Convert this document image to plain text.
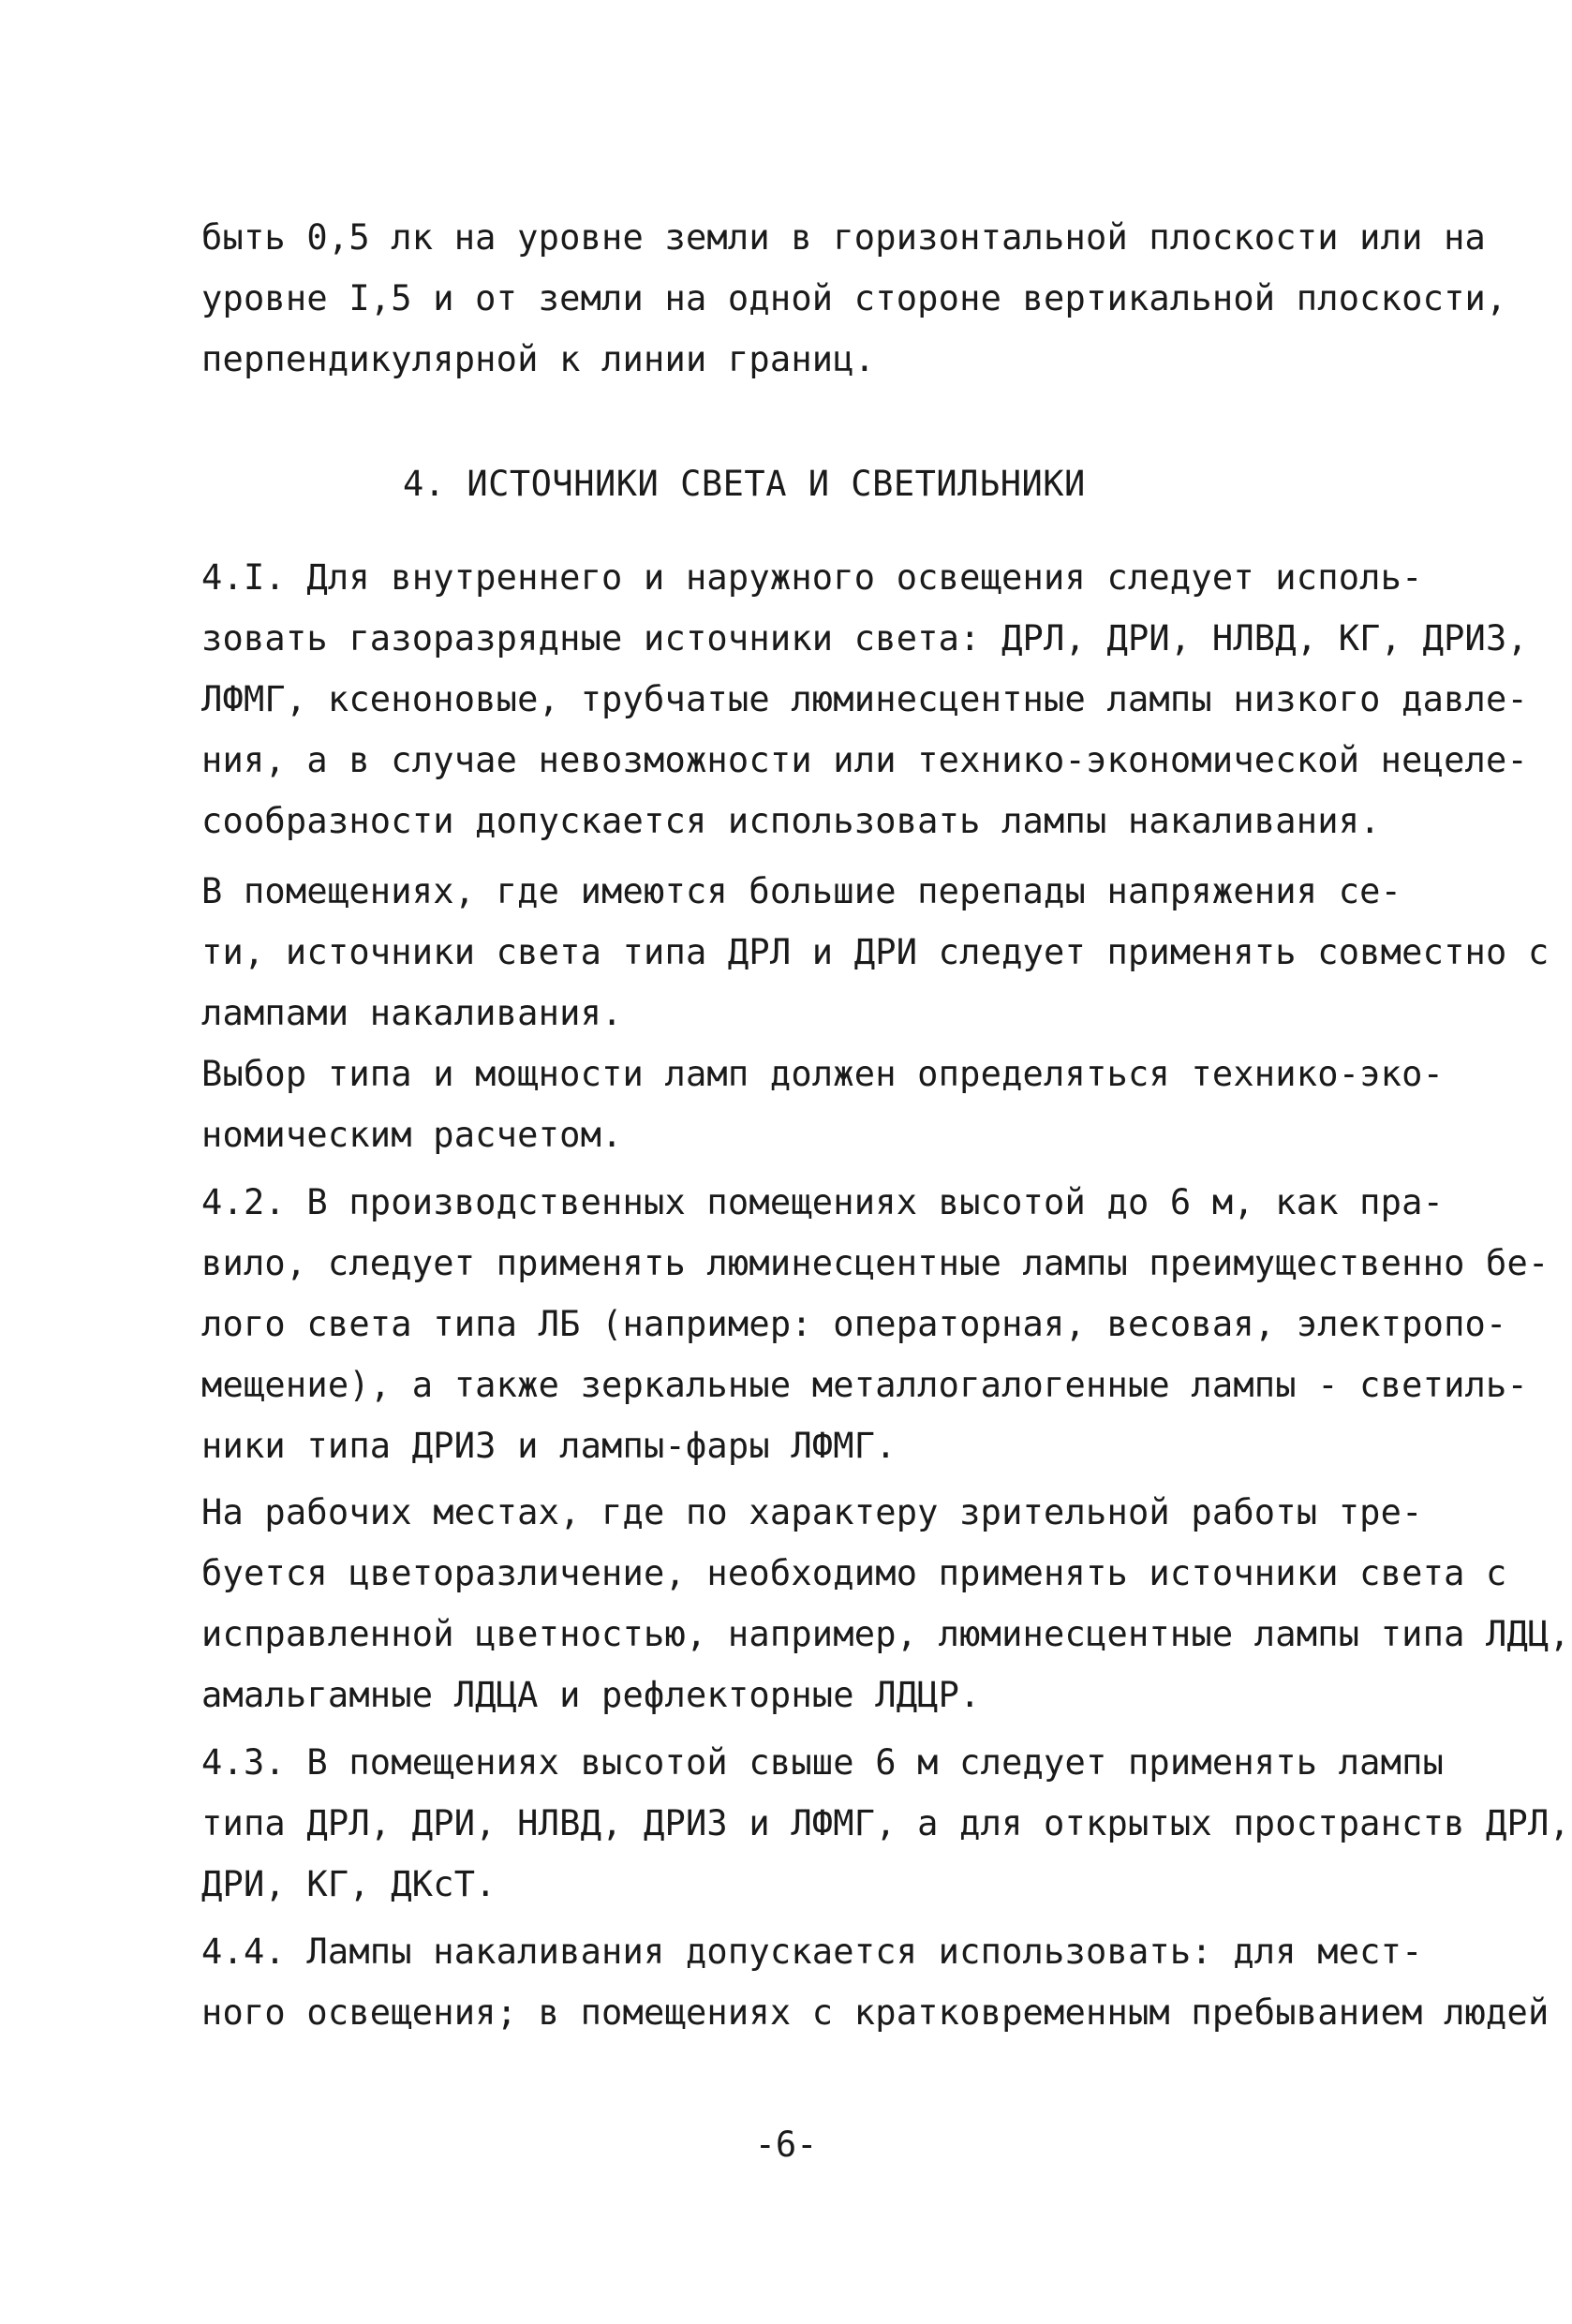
быть 0,5 лк на уровне земли в горизонтальной плоскости или на
уровне I,5 и от земли на одной стороне вертикальной плоскости,
перпендикулярной к линии границ.
4. ИСТОЧНИКИ СВЕТА И СВЕТИЛЬНИКИ
4.I. Для внутреннего и наружного освещения следует исполь-
зовать газоразрядные источники света: ДРЛ, ДРИ, НЛВД, КГ, ДРИЗ,
ЛФМГ, ксеноновые, трубчатые люминесцентные лампы низкого давле-
ния, а в случае невозможности или технико-экономической нецеле-
сообразности допускается использовать лампы накаливания.
В помещениях, где имеются большие перепады напряжения се-
ти, источники света типа ДРЛ и ДРИ следует применять совместно с
лампами накаливания.
Выбор типа и мощности ламп должен определяться технико-эко-
номическим расчетом.
4.2. В производственных помещениях высотой до 6 м, как пра-
вило, следует применять люминесцентные лампы преимущественно бе-
лого света типа ЛБ (например: операторная, весовая, электропо-
мещение), а также зеркальные металлогалогенные лампы - светиль-
ники типа ДРИЗ и лампы-фары ЛФМГ.
На рабочих местах, где по характеру зрительной работы тре-
буется цветоразличение, необходимо применять источники света с
исправленной цветностью, например, люминесцентные лампы типа ЛДЦ,
амальгамные ЛДЦА и рефлекторные ЛДЦР.
4.3. В помещениях высотой свыше 6 м следует применять лампы
типа ДРЛ, ДРИ, НЛВД, ДРИЗ и ЛФМГ, а для открытых пространств ДРЛ,
ДРИ, КГ, ДКсТ.
4.4. Лампы накаливания допускается использовать: для мест-
ного освещения; в помещениях с кратковременным пребыванием людей
-6-
